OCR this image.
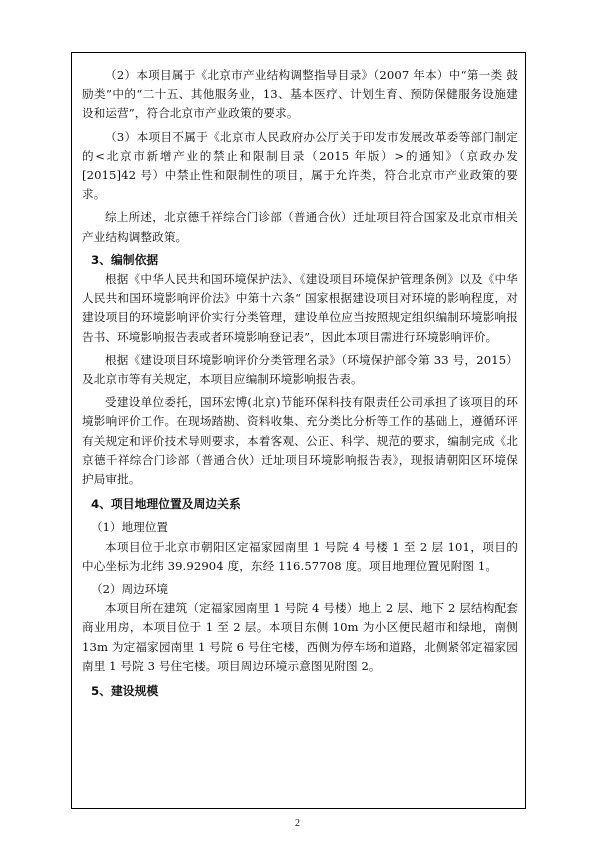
（2）本项目属于《北京市产业结构调整指导目录》（2007 年本）中“第一类 鼓励类”中的“二十五、其他服务业，13、基本医疗、计划生育、预防保健服务设施建设和运营”，符合北京市产业政策的要求。

（3）本项目不属于《北京市人民政府办公厅关于印发市发展改革委等部门制定的<北京市新增产业的禁止和限制目录（2015 年版）>的通知》（京政办发[2015]42 号）中禁止性和限制性的项目，属于允许类，符合北京市产业政策的要求。

综上所述，北京德千祥综合门诊部（普通合伙）迁址项目符合国家及北京市相关产业结构调整政策。

3、编制依据

根据《中华人民共和国环境保护法》、《建设项目环境保护管理条例》以及《中华人民共和国环境影响评价法》中第十六条“ 国家根据建设项目对环境的影响程度，对建设项目的环境影响评价实行分类管理，建设单位应当按照规定组织编制环境影响报告书、环境影响报告表或者环境影响登记表”，因此本项目需进行环境影响评价。

根据《建设项目环境影响评价分类管理名录》（环境保护部令第 33 号，2015）及北京市等有关规定，本项目应编制环境影响报告表。

受建设单位委托，国环宏博(北京)节能环保科技有限责任公司承担了该项目的环境影响评价工作。在现场踏勘、资料收集、充分类比分析等工作的基础上，遵循环评有关规定和评价技术导则要求，本着客观、公正、科学、规范的要求，编制完成《北京德千祥综合门诊部（普通合伙）迁址项目环境影响报告表》，现报请朝阳区环境保护局审批。

4、项目地理位置及周边关系

（1）地理位置

本项目位于北京市朝阳区定福家园南里 1 号院 4 号楼 1 至 2 层 101，项目的中心坐标为北纬 39.92904 度，东经 116.57708 度。项目地理位置见附图 1。

（2）周边环境

本项目所在建筑（定福家园南里 1 号院 4 号楼）地上 2 层、地下 2 层结构配套商业用房，本项目位于 1 至 2 层。本项目东侧 10m 为小区便民超市和绿地，南侧 13m 为定福家园南里 1 号院 6 号住宅楼，西侧为停车场和道路，北侧紧邻定福家园南里 1 号院 3 号住宅楼。项目周边环境示意图见附图 2。

5、建设规模

2
